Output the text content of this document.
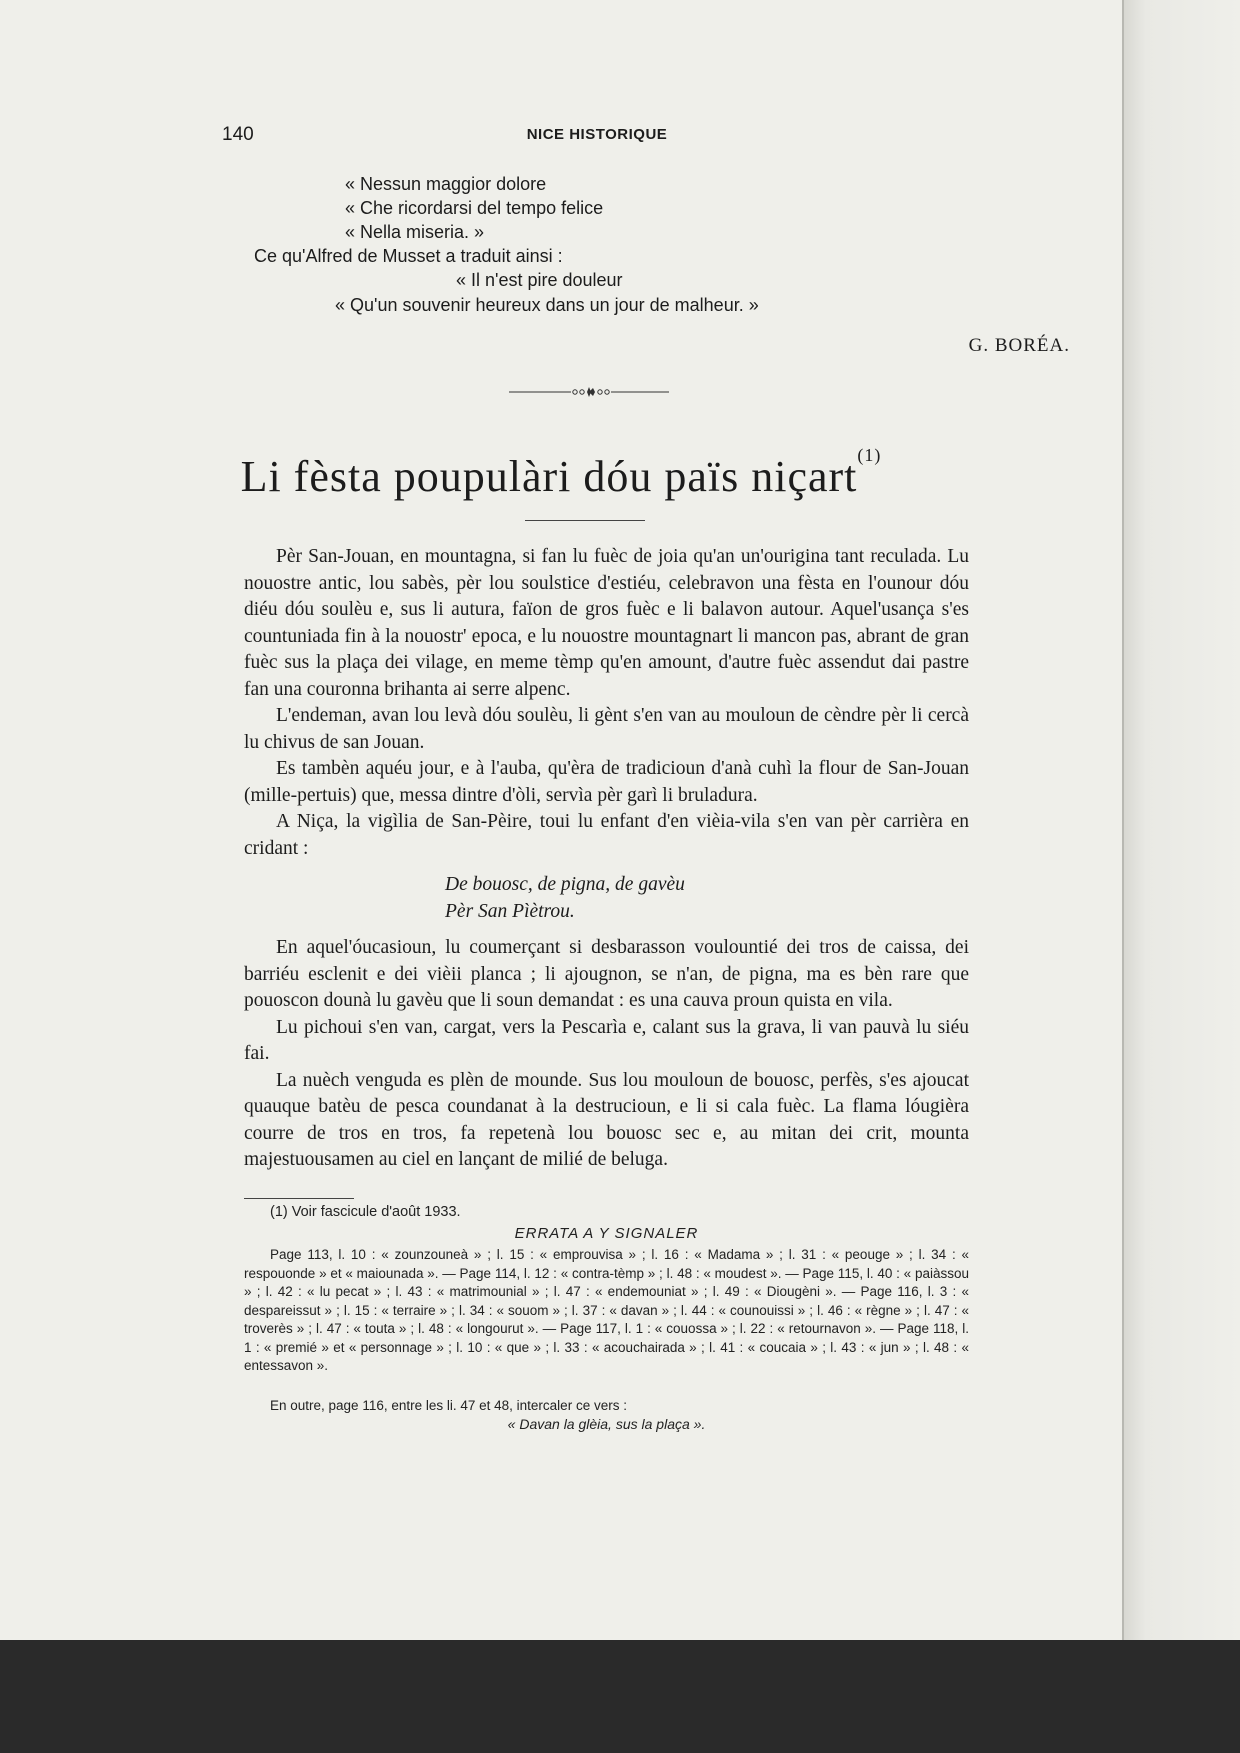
140	NICE HISTORIQUE
« Nessun maggior dolore
« Che ricordarsi del tempo felice
« Nella miseria. »
Ce qu'Alfred de Musset a traduit ainsi :
« Il n'est pire douleur
« Qu'un souvenir heureux dans un jour de malheur. »
G. BORÉA.
Li fèsta poupulàri dóu païs niçart$^{(1)}$

Pèr San-Jouan, en mountagna, si fan lu fuèc de joia qu'an un'ourigina tant reculada. Lu nouostre antic, lou sabès, pèr lou soulstice d'estiéu, celebravon una fèsta en l'ounour dóu diéu dóu soulèu e, sus li autura, faïon de gros fuèc e li balavon autour. Aquel'usança s'es countuniada fin à la nouostr' epoca, e lu nouostre mountagnart li mancon pas, abrant de gran fuèc sus la plaça dei vilage, en meme tèmp qu'en amount, d'autre fuèc assendut dai pastre fan una couronna brihanta ai serre alpenc.

L'endeman, avan lou levà dóu soulèu, li gènt s'en van au mouloun de cèndre pèr li cercà lu chivus de san Jouan.

Es tambèn aquéu jour, e à l'auba, qu'èra de tradicioun d'anà cuhì la flour de San-Jouan (mille-pertuis) que, messa dintre d'òli, servìa pèr garì li bruladura.

A Niça, la vigìlia de San-Pèire, toui lu enfant d'en vièia-vila s'en van pèr carrièra en cridant :

De bouosc, de pigna, de gavèu

Pèr San Pìètrou.

En aquel'óucasioun, lu coumerçant si desbarasson voulountié dei tros de caissa, dei barriéu esclenit e dei vièii planca ; li ajougnon, se n'an, de pigna, ma es bèn rare que pouoscon dounà lu gavèu que li soun demandat : es una cauva proun quista en vila.

Lu pichoui s'en van, cargat, vers la Pescarìa e, calant sus la grava, li van pauvà lu siéu fai.

La nuèch venguda es plèn de mounde. Sus lou mouloun de bouosc, perfès, s'es ajoucat quauque batèu de pesca coundanat à la destrucioun, e li si cala fuèc. La flama lóugièra courre de tros en tros, fa repetenà lou bouosc sec e, au mitan dei crit, mounta majestuousamen au ciel en lançant de milié de beluga.

(1) Voir fascicule d'août 1933.
ERRATA A Y SIGNALER
Page 113, l. 10 : « zounzouneà » ; l. 15 : « emprouvisa » ; l. 16 : « Madama » ; l. 31 : « peouge » ; l. 34 : « respouonde » et « maiounada ». — Page 114, l. 12 : « contra-tèmp » ; l. 48 : « moudest ». — Page 115, l. 40 : « paiàssou » ; l. 42 : « lu pecat » ; l. 43 : « matrimounial » ; l. 47 : « endemouniat » ; l. 49 : « Diougèni ». — Page 116, l. 3 : « despareissut » ; l. 15 : « terraire » ; l. 34 : « souom » ; l. 37 : « davan » ; l. 44 : « counouissi » ; l. 46 : « règne » ; l. 47 : « troverès » ; l. 47 : « touta » ; l. 48 : « longourut ». — Page 117, l. 1 : « couossa » ; l. 22 : « retournavon ». — Page 118, l. 1 : « premié » et « personnage » ; l. 10 : « que » ; l. 33 : « acouchairada » ; l. 41 : « coucaia » ; l. 43 : « jun » ; l. 48 : « entessavon ».
En outre, page 116, entre les li. 47 et 48, intercaler ce vers :
« Davan la glèia, sus la plaça ».
